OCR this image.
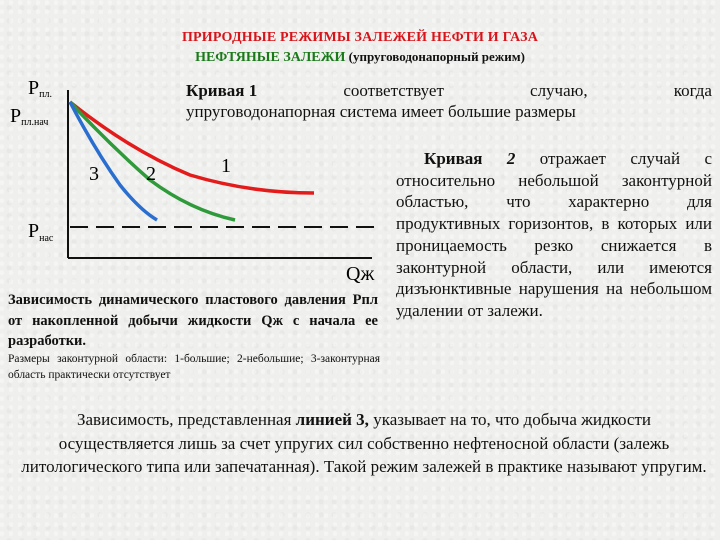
ПРИРОДНЫЕ РЕЖИМЫ ЗАЛЕЖЕЙ НЕФТИ И ГАЗА
НЕФТЯНЫЕ ЗАЛЕЖИ (упруговодонапорный режим)
Pпл.
Pпл.нач
$P_{нас}$
Qж
1
2
3
Кривая 1	соответствует	случаю,	когда
упруговодонапорная система имеет большие размеры
Кривая 2 отражает случай с относительно небольшой законтурной областью, что характерно для продуктивных горизонтов, в которых или проницаемость резко снижается в законтурной области, или имеются дизъюнктивные нарушения на небольшом удалении от залежи.
Зависимость динамического пластового давления Рпл от накопленной добычи жидкости Qж с начала ее разработки.
Размеры законтурной области: 1-большие; 2-небольшие; 3-законтурная область практически отсутствует
Зависимость, представленная линией 3, указывает на то, что добыча жидкости осуществляется лишь за счет упругих сил собственно нефтеносной области (залежь литологического типа или запечатанная). Такой режим залежей в практике называют упругим.
